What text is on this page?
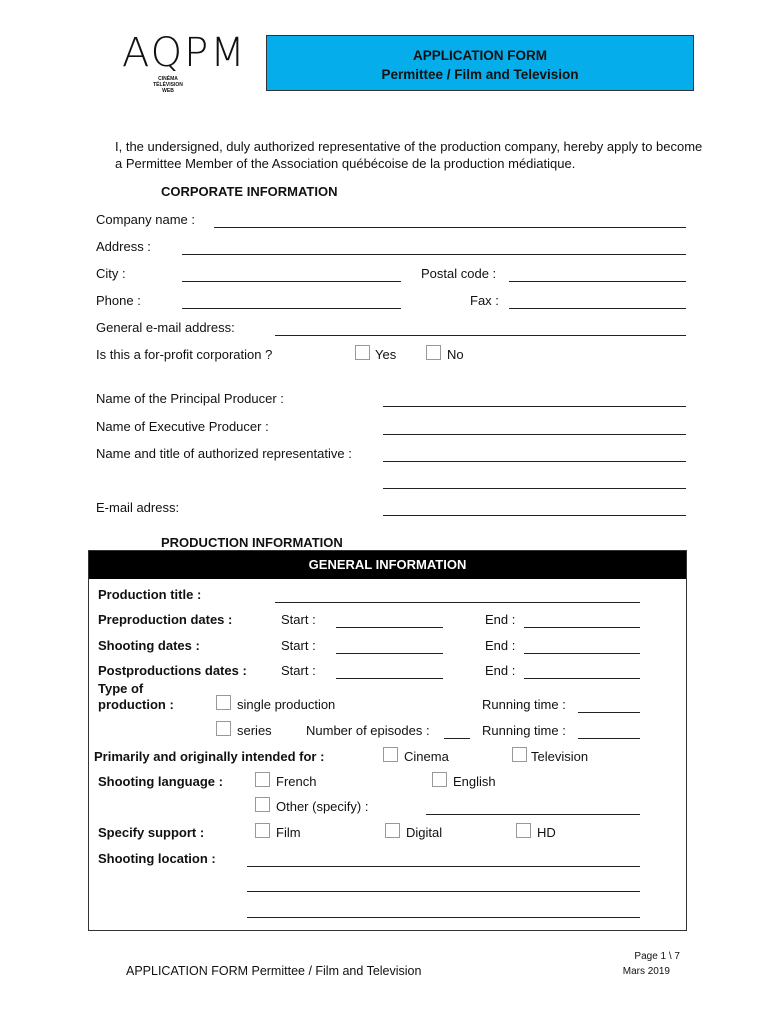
AQPM
CINÉMA TÉLÉVISION WEB
APPLICATION FORM
Permittee / Film and Television
I, the undersigned, duly authorized representative of the production company, hereby apply to become a Permittee Member of the Association québécoise de la production médiatique.
CORPORATE INFORMATION
Company name :
Address :
City :	Postal code :
Phone :	Fax :
General e-mail address:
Is this a for-profit corporation ?	Yes	No
Name of the Principal Producer :
Name of Executive Producer :
Name and title of authorized representative :
E-mail adress:
PRODUCTION INFORMATION
GENERAL INFORMATION
Production title :
Preproduction dates :	Start :	End :
Shooting dates :	Start :	End :
Postproductions dates :	Start :	End :
Type of
production :	single production	Running time :
series	Number of episodes :	Running time :
Primarily and originally intended for :	Cinema	Television
Shooting language :	French	English
Other (specify) :
Specify support :	Film	Digital	HD
Shooting location :
APPLICATION FORM Permittee / Film and Television
Page 1 \ 7
Mars 2019
